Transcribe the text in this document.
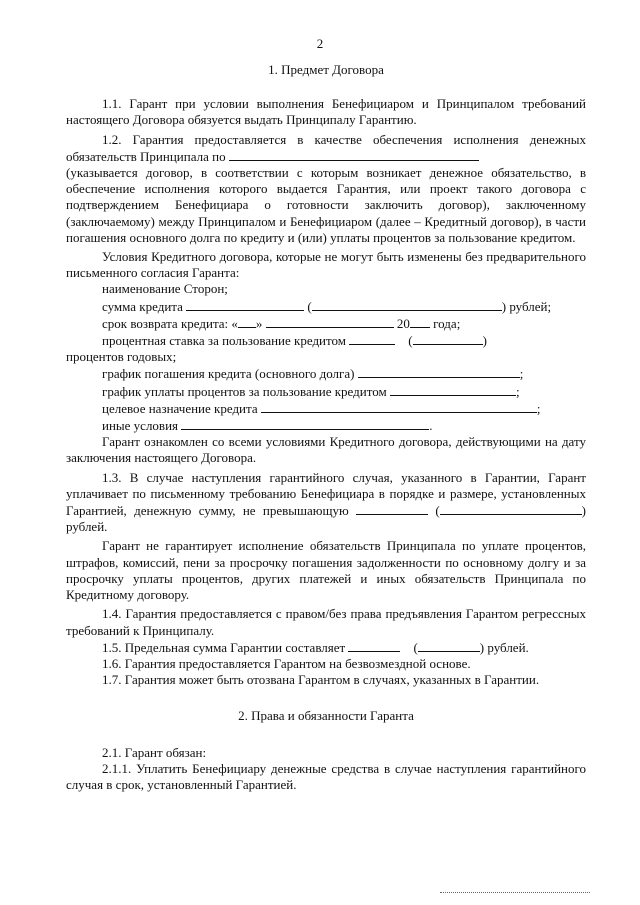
2

1. Предмет Договора

1.1. Гарант при условии выполнения Бенефициаром и Принципалом требований настоящего Договора обязуется выдать Принципалу Гарантию.

1.2. Гарантия предоставляется в качестве обеспечения исполнения денежных обязательств Принципала по

(указывается договор, в соответствии с которым возникает денежное обязательство, в обеспечение исполнения которого выдается Гарантия, или проект такого договора с подтверждением Бенефициара о готовности заключить договор), заключенному (заключаемому) между Принципалом и Бенефициаром (далее – Кредитный договор), в части погашения основного долга по кредиту и (или) уплаты процентов за пользование кредитом.

Условия Кредитного договора, которые не могут быть изменены без предварительного письменного согласия Гаранта:

наименование Сторон;

сумма кредита	(	) рублей;

срок возврата кредита: « »	20 года;

процентная ставка за пользование кредитом	(	)

процентов годовых;

график погашения кредита (основного долга)	;

график уплаты процентов за пользование кредитом	;

целевое назначение кредита	;

иные условия	.

Гарант ознакомлен со всеми условиями Кредитного договора, действующими на дату заключения настоящего Договора.

1.3. В случае наступления гарантийного случая, указанного в Гарантии, Гарант уплачивает по письменному требованию Бенефициара в порядке и размере, установленных Гарантией, денежную сумму, не превышающую	(	) рублей.

Гарант не гарантирует исполнение обязательств Принципала по уплате процентов, штрафов, комиссий, пени за просрочку погашения задолженности по основному долгу и за просрочку уплаты процентов, других платежей и иных обязательств Принципала по Кредитному договору.

1.4. Гарантия предоставляется с правом/без права предъявления Гарантом регрессных требований к Принципалу.

1.5. Предельная сумма Гарантии составляет	(	) рублей.

1.6. Гарантия предоставляется Гарантом на безвозмездной основе.

1.7. Гарантия может быть отозвана Гарантом в случаях, указанных в Гарантии.

2. Права и обязанности Гаранта

2.1. Гарант обязан:

2.1.1. Уплатить Бенефициару денежные средства в случае наступления гарантийного случая в срок, установленный Гарантией.
